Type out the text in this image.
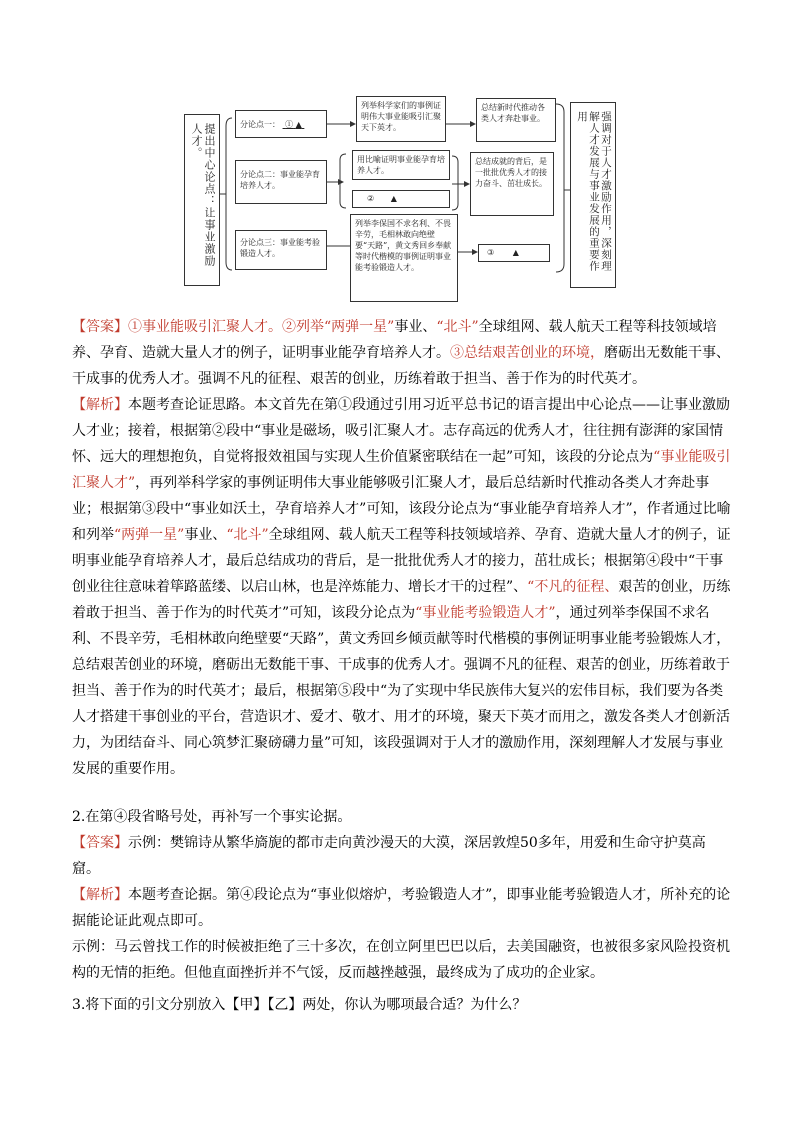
提出中心论点：让事业激励人才。	分论点一： ① ▲
分论点二：事业能孕育培养人才。
分论点三：事业能考验锻造人才。
列举科学家们的事例证明伟大事业能吸引汇聚天下英才。
用比喻证明事业能孕育培养人才。
② ▲
列举李保国不求名利、不畏辛劳，毛相林敢向绝壁要“天路”，黄文秀回乡奉献等时代楷模的事例证明事业能考验锻造人才。
总结新时代推动各类人才奔赴事业。
总结成就的背后，是一批批优秀人才的接力奋斗、茁壮成长。
③ ▲	强调对于人才激励作用，深刻理解人才发展与事业发展的重要作用

【答案】①事业能吸引汇聚人才。②列举“两弹一星”事业、“北斗”全球组网、载人航天工程等科技领域培养、孕育、造就大量人才的例子，证明事业能孕育培养人才。③总结艰苦创业的环境，磨砺出无数能干事、干成事的优秀人才。强调不凡的征程、艰苦的创业，历练着敢于担当、善于作为的时代英才。

【解析】本题考查论证思路。本文首先在第①段通过引用习近平总书记的语言提出中心论点——让事业激励人才业；接着，根据第②段中“事业是磁场，吸引汇聚人才。志存高远的优秀人才，往往拥有澎湃的家国情怀、远大的理想抱负，自觉将报效祖国与实现人生价值紧密联结在一起”可知，该段的分论点为“事业能吸引汇聚人才”，再列举科学家的事例证明伟大事业能够吸引汇聚人才，最后总结新时代推动各类人才奔赴事业；根据第③段中“事业如沃土，孕育培养人才”可知，该段分论点为“事业能孕育培养人才”，作者通过比喻和列举“两弹一星”事业、“北斗”全球组网、载人航天工程等科技领域培养、孕育、造就大量人才的例子，证明事业能孕育培养人才，最后总结成功的背后，是一批批优秀人才的接力，茁壮成长；根据第④段中“干事创业往往意味着筚路蓝缕、以启山林，也是淬炼能力、增长才干的过程”、“不凡的征程、艰苦的创业，历练着敢于担当、善于作为的时代英才”可知，该段分论点为“事业能考验锻造人才”，通过列举李保国不求名利、不畏辛劳，毛相林敢向绝壁要“天路”，黄文秀回乡倾贡献等时代楷模的事例证明事业能考验锻炼人才，总结艰苦创业的环境，磨砺出无数能干事、干成事的优秀人才。强调不凡的征程、艰苦的创业，历练着敢于担当、善于作为的时代英才；最后，根据第⑤段中“为了实现中华民族伟大复兴的宏伟目标，我们要为各类人才搭建干事创业的平台，营造识才、爱才、敬才、用才的环境，聚天下英才而用之，激发各类人才创新活力，为团结奋斗、同心筑梦汇聚磅礴力量”可知，该段强调对于人才的激励作用，深刻理解人才发展与事业发展的重要作用。

2.在第④段省略号处，再补写一个事实论据。

【答案】示例：樊锦诗从繁华旖旎的都市走向黄沙漫天的大漠，深居敦煌50多年，用爱和生命守护莫高窟。

【解析】本题考查论据。第④段论点为“事业似熔炉，考验锻造人才”，即事业能考验锻造人才，所补充的论据能论证此观点即可。

示例：马云曾找工作的时候被拒绝了三十多次，在创立阿里巴巴以后，去美国融资，也被很多家风险投资机构的无情的拒绝。但他直面挫折并不气馁，反而越挫越强，最终成为了成功的企业家。

3.将下面的引文分别放入【甲】【乙】两处，你认为哪项最合适？为什么？
